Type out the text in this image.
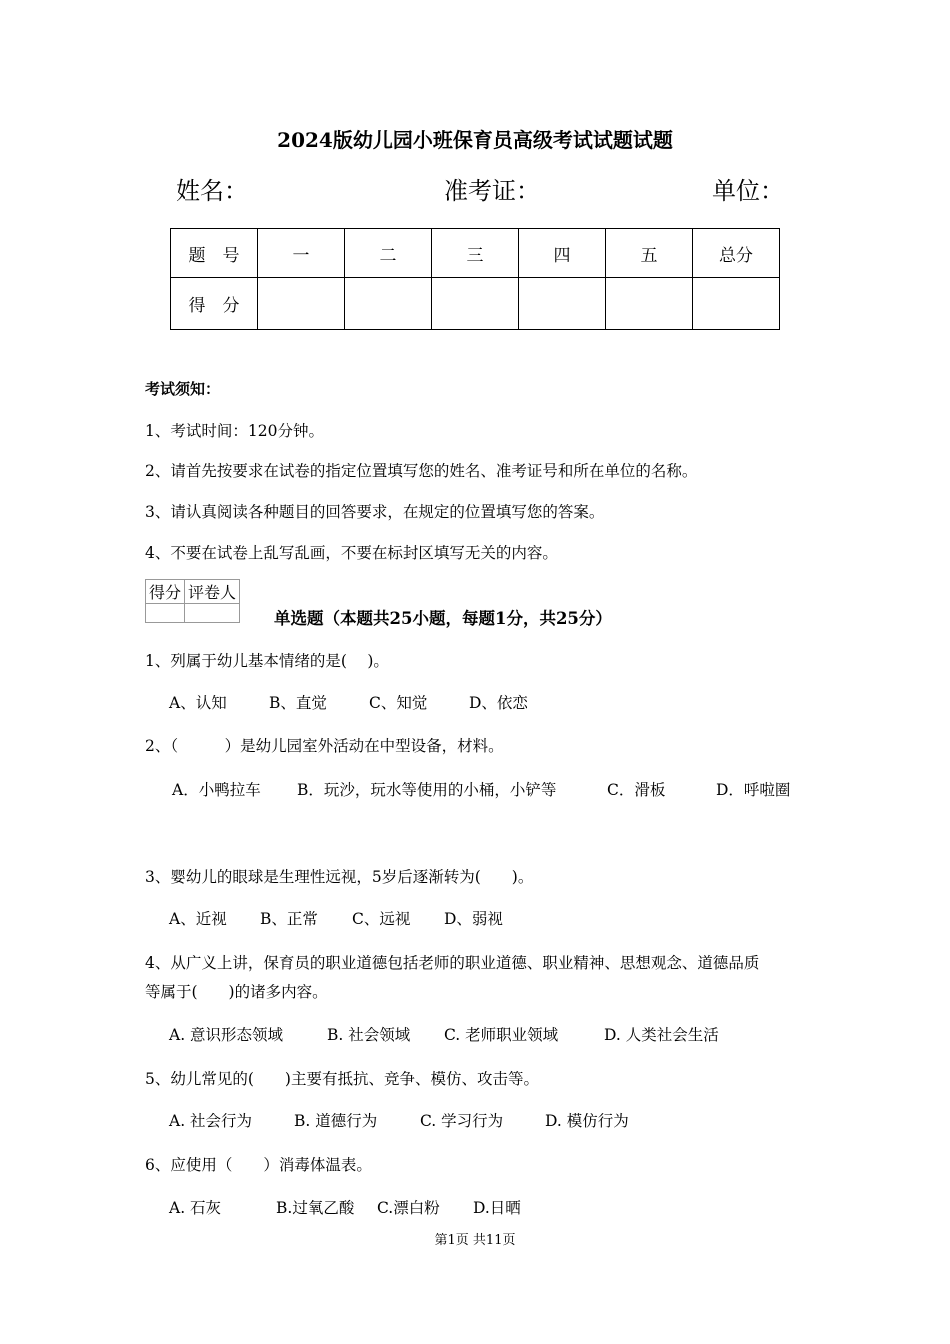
2024版幼儿园小班保育员高级考试试题试题
姓名：	准考证：	单位：
题　号	一	二	三	四	五	总分
得　分						
考试须知：
1、考试时间：120分钟。
2、请首先按要求在试卷的指定位置填写您的姓名、准考证号和所在单位的名称。
3、请认真阅读各种题目的回答要求，在规定的位置填写您的答案。
4、不要在试卷上乱写乱画，不要在标封区填写无关的内容。
得分	评卷人

单选题（本题共25小题，每题1分，共25分）
1、列属于幼儿基本情绪的是(　 )。
A、认知	B、直觉	C、知觉	D、依恋
2、（　　　）是幼儿园室外活动在中型设备，材料。
A．小鸭拉车 B．玩沙，玩水等使用的小桶，小铲等	C．滑板	D．呼啦圈
3、婴幼儿的眼球是生理性远视，5岁后逐渐转为(　　)。
A、近视 B、正常 C、远视 D、弱视
4、从广义上讲，保育员的职业道德包括老师的职业道德、职业精神、思想观念、道德品质
等属于(　　)的诸多内容。
A. 意识形态领域	B. 社会领域 C. 老师职业领域	D. 人类社会生活
5、幼儿常见的(　　)主要有抵抗、竞争、模仿、攻击等。
A. 社会行为	B. 道德行为	C. 学习行为	D. 模仿行为
6、应使用（　　）消毒体温表。
A. 石灰	B.过氧乙酸 C.漂白粉 D.日晒
第1页 共11页
